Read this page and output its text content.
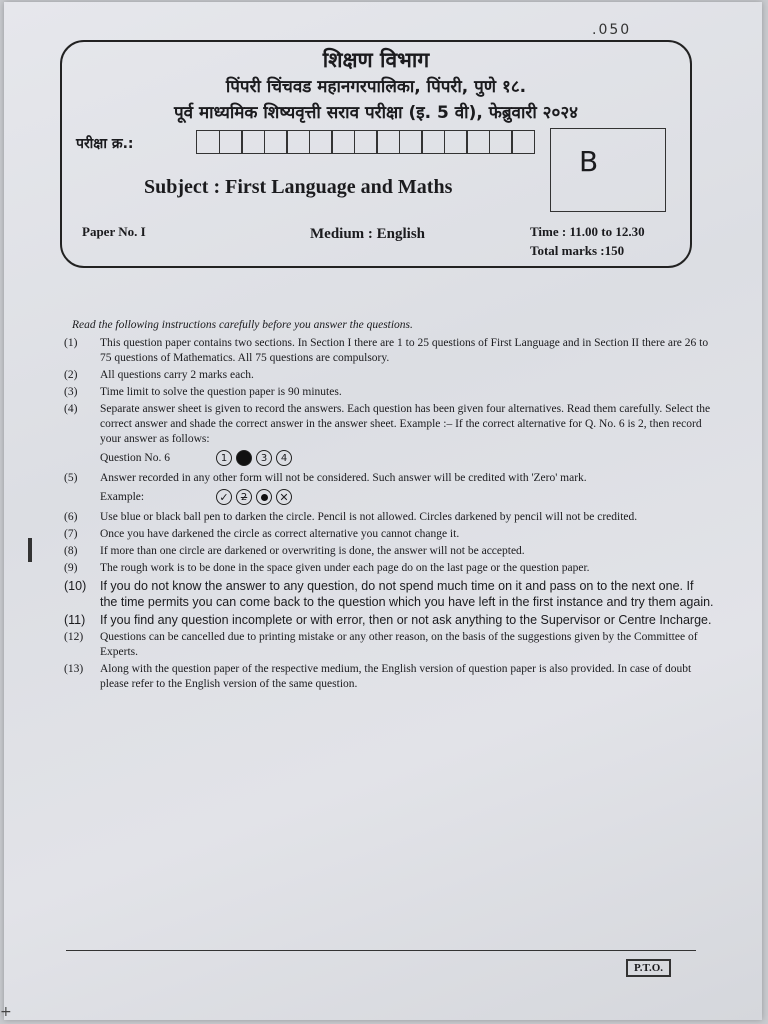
.050
शिक्षण विभाग
पिंपरी चिंचवड महानगरपालिका, पिंपरी, पुणे १८.
पूर्व माध्यमिक शिष्यवृत्ती सराव परीक्षा (इ. 5 वी), फेब्रुवारी २०२४
परीक्षा क्र.:
B
Subject : First Language and Maths
Paper No. I	Medium : English	Time : 11.00 to 12.30
Total marks :150
Read the following instructions carefully before you answer the questions.
(1)	This question paper contains two sections. In Section I there are 1 to 25 questions of First Language and in Section II there are 26 to 75 questions of Mathematics. All 75 questions are compulsory.
(2)	All questions carry 2 marks each.
(3)	Time limit to solve the question paper is 90 minutes.
(4)	Separate answer sheet is given to record the answers. Each question has been given four alternatives. Read them carefully. Select the correct answer and shade the correct answer in the answer sheet. Example :– If the correct alternative for Q. No. 6 is 2, then record your answer as follows:
Question No. 6	1	3	4
(5)	Answer recorded in any other form will not be considered. Such answer will be credited with 'Zero' mark.
Example:	✓	2	✕
(6)	Use blue or black ball pen to darken the circle. Pencil is not allowed. Circles darkened by pencil will not be credited.
(7)	Once you have darkened the circle as correct alternative you cannot change it.
(8)	If more than one circle are darkened or overwriting is done, the answer will not be accepted.
(9)	The rough work is to be done in the space given under each page do on the last page or the question paper.
(10)	If you do not know the answer to any question, do not spend much time on it and pass on to the next one. If the time permits you can come back to the question which you have left in the first instance and try them again.
(11)	If you find any question incomplete or with error, then or not ask anything to the Supervisor or Centre Incharge.
(12)	Questions can be cancelled due to printing mistake or any other reason, on the basis of the suggestions given by the Committee of Experts.
(13)	Along with the question paper of the respective medium, the English version of question paper is also provided. In case of doubt please refer to the English version of the same question.
P.T.O.
+
